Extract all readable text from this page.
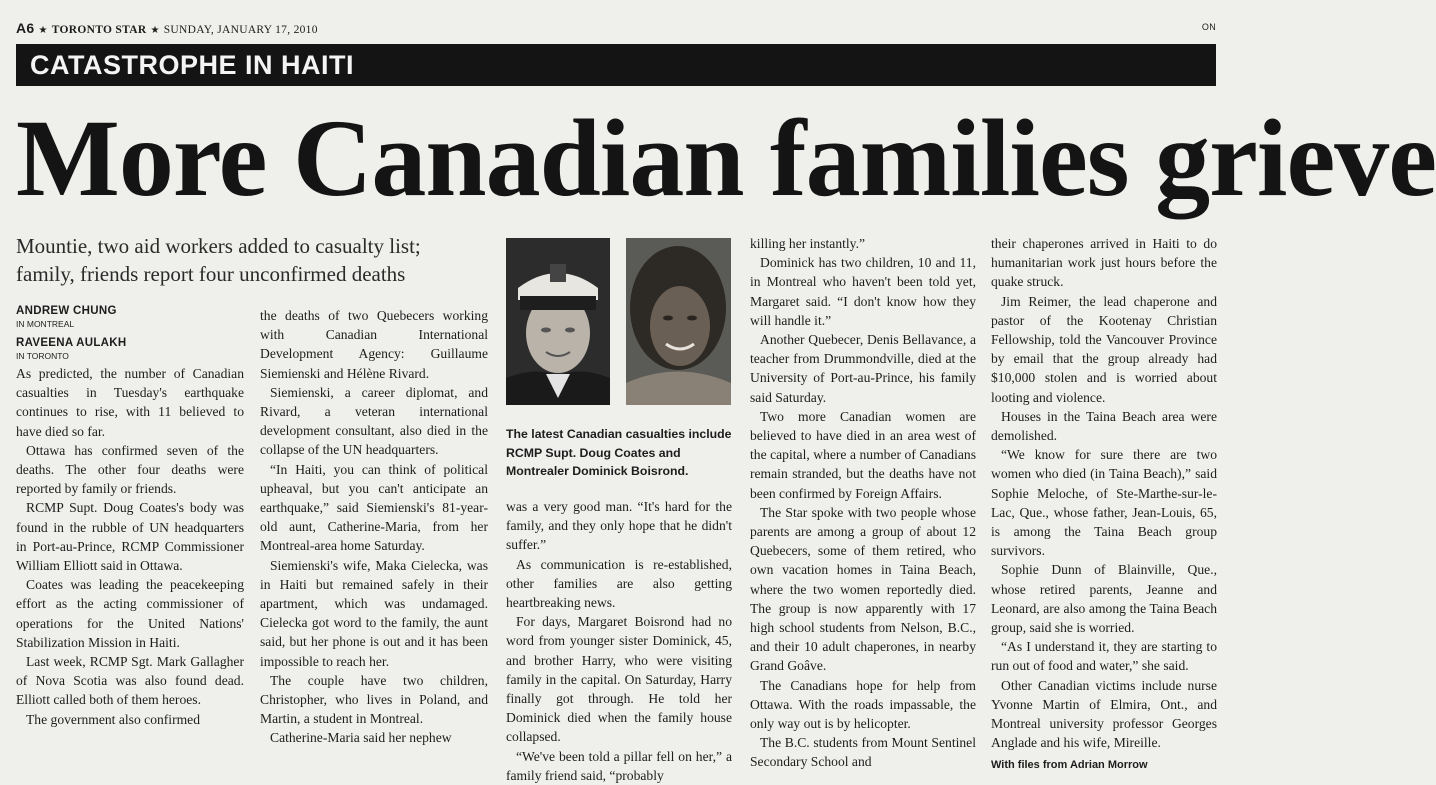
A6 ★ TORONTO STAR ★ SUNDAY, JANUARY 17, 2010	ON
CATASTROPHE IN HAITI
More Canadian families grieve
Mountie, two aid workers added to casualty list;
family, friends report four unconfirmed deaths
ANDREW CHUNG
IN MONTREAL
RAVEENA AULAKH
IN TORONTO

As predicted, the number of Canadian casualties in Tuesday's earthquake continues to rise, with 11 believed to have died so far.

Ottawa has confirmed seven of the deaths. The other four deaths were reported by family or friends.

RCMP Supt. Doug Coates's body was found in the rubble of UN headquarters in Port-au-Prince, RCMP Commissioner William Elliott said in Ottawa.

Coates was leading the peacekeeping effort as the acting commissioner of operations for the United Nations' Stabilization Mission in Haiti.

Last week, RCMP Sgt. Mark Gallagher of Nova Scotia was also found dead. Elliott called both of them heroes.

The government also confirmed

the deaths of two Quebecers working with Canadian International Development Agency: Guillaume Siemienski and Hélène Rivard.

Siemienski, a career diplomat, and Rivard, a veteran international development consultant, also died in the collapse of the UN headquarters.

“In Haiti, you can think of political upheaval, but you can't anticipate an earthquake,” said Siemienski's 81-year-old aunt, Catherine-Maria, from her Montreal-area home Saturday.

Siemienski's wife, Maka Cielecka, was in Haiti but remained safely in their apartment, which was undamaged. Cielecka got word to the family, the aunt said, but her phone is out and it has been impossible to reach her.

The couple have two children, Christopher, who lives in Poland, and Martin, a student in Montreal.

Catherine-Maria said her nephew

The latest Canadian casualties include RCMP Supt. Doug Coates and Montrealer Dominick Boisrond.

was a very good man. “It's hard for the family, and they only hope that he didn't suffer.”

As communication is re-established, other families are also getting heartbreaking news.

For days, Margaret Boisrond had no word from younger sister Dominick, 45, and brother Harry, who were visiting family in the capital. On Saturday, Harry finally got through. He told her Dominick died when the family house collapsed.

“We've been told a pillar fell on her,” a family friend said, “probably

killing her instantly.”

Dominick has two children, 10 and 11, in Montreal who haven't been told yet, Margaret said. “I don't know how they will handle it.”

Another Quebecer, Denis Bellavance, a teacher from Drummondville, died at the University of Port-au-Prince, his family said Saturday.

Two more Canadian women are believed to have died in an area west of the capital, where a number of Canadians remain stranded, but the deaths have not been confirmed by Foreign Affairs.

The Star spoke with two people whose parents are among a group of about 12 Quebecers, some of them retired, who own vacation homes in Taina Beach, where the two women reportedly died. The group is now apparently with 17 high school students from Nelson, B.C., and their 10 adult chaperones, in nearby Grand Goâve.

The Canadians hope for help from Ottawa. With the roads impassable, the only way out is by helicopter.

The B.C. students from Mount Sentinel Secondary School and

their chaperones arrived in Haiti to do humanitarian work just hours before the quake struck.

Jim Reimer, the lead chaperone and pastor of the Kootenay Christian Fellowship, told the Vancouver Province by email that the group already had $10,000 stolen and is worried about looting and violence.

Houses in the Taina Beach area were demolished.

“We know for sure there are two women who died (in Taina Beach),” said Sophie Meloche, of Ste-Marthe-sur-le-Lac, Que., whose father, Jean-Louis, 65, is among the Taina Beach group survivors.

Sophie Dunn of Blainville, Que., whose retired parents, Jeanne and Leonard, are also among the Taina Beach group, said she is worried.

“As I understand it, they are starting to run out of food and water,” she said.

Other Canadian victims include nurse Yvonne Martin of Elmira, Ont., and Montreal university professor Georges Anglade and his wife, Mireille.

With files from Adrian Morrow
